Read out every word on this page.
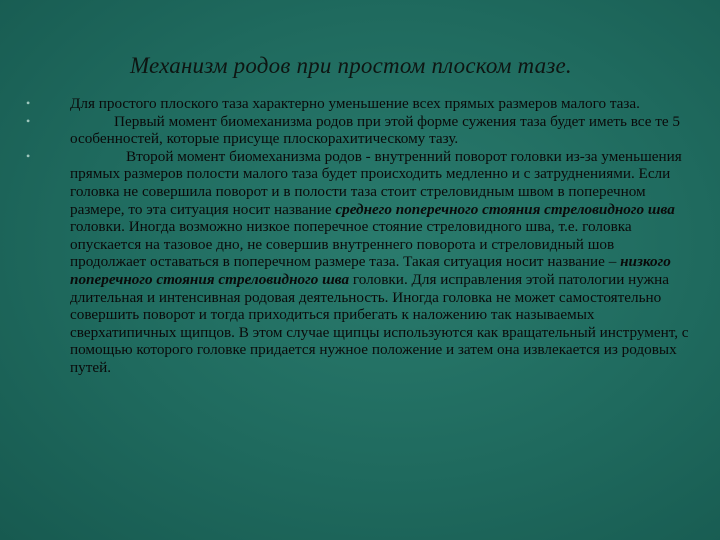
Механизм родов при простом плоском тазе.
•	Для простого плоского таза характерно уменьшение всех прямых размеров малого таза.
•	Первый момент биомеханизма родов при этой форме сужения таза будет иметь все те 5 особенностей, которые присуще плоскорахитическому тазу.
•	Второй момент биомеханизма родов - внутренний поворот головки из-за уменьшения прямых размеров полости малого таза будет происходить медленно и с затруднениями. Если головка не совершила поворот и в полости таза стоит стреловидным швом в поперечном размере, то эта ситуация носит название среднего поперечного стояния стреловидного шва головки. Иногда возможно низкое поперечное стояние стреловидного шва, т.е. головка опускается на тазовое дно, не совершив внутреннего поворота и стреловидный шов продолжает оставаться в поперечном размере таза. Такая ситуация носит название – низкого поперечного стояния стреловидного шва головки. Для исправления этой патологии нужна длительная и интенсивная родовая деятельность. Иногда головка не может самостоятельно совершить поворот и тогда приходиться прибегать к наложению так называемых сверхатипичных щипцов. В этом случае щипцы используются как вращательный инструмент, с помощью которого головке придается нужное положение и затем она извлекается из родовых путей.
